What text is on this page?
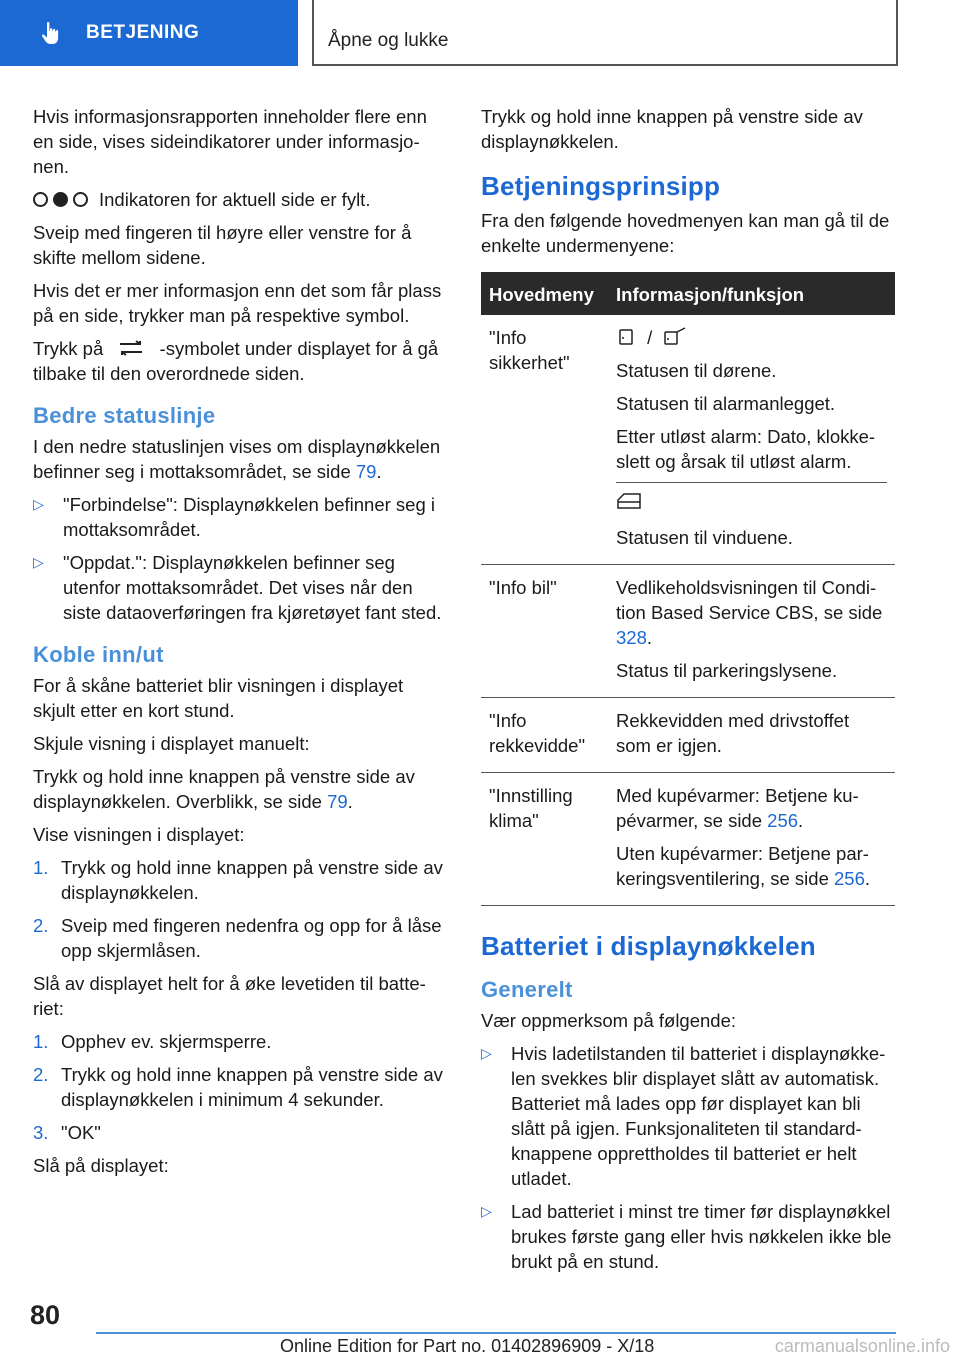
BETJENING	Åpne og lukke

Hvis informasjonsrapporten inneholder flere enn en side, vises sideindikatorer under informasjonen.

Indikatoren for aktuell side er fylt.

Sveip med fingeren til høyre eller venstre for å skifte mellom sidene.

Hvis det er mer informasjon enn det som får plass på en side, trykker man på respektive symbol.

Trykk på	-symbolet under displayet for å gå tilbake til den overordnede siden.

Bedre statuslinje

I den nedre statuslinjen vises om displaynøkkelen befinner seg i mottaksområdet, se side 79.

▷	"Forbindelse": Displaynøkkelen befinner seg i mottaksområdet.
▷	"Oppdat.": Displaynøkkelen befinner seg utenfor mottaksområdet. Det vises når den siste dataoverføringen fra kjøretøyet fant sted.
Koble inn/ut

For å skåne batteriet blir visningen i displayet skjult etter en kort stund.

Skjule visning i displayet manuelt:

Trykk og hold inne knappen på venstre side av displaynøkkelen. Overblikk, se side 79.

Vise visningen i displayet:

1. Trykk og hold inne knappen på venstre side av displaynøkkelen.
2. Sveip med fingeren nedenfra og opp for å låse opp skjermlåsen.

Slå av displayet helt for å øke levetiden til batteriet:

1. Opphev ev. skjermsperre.
2. Trykk og hold inne knappen på venstre side av displaynøkkelen i minimum 4 sekunder.
3. "OK"

Slå på displayet:

Trykk og hold inne knappen på venstre side av displaynøkkelen.

Betjeningsprinsipp

Fra den følgende hovedmenyen kan man gå til de enkelte undermenyene:

Hovedmeny	Informasjon/funksjon
"Info sikkerhet"	/

Statusen til dørene.

Statusen til alarmanlegget.

Etter utløst alarm: Dato, klokkeslett og årsak til utløst alarm.

Statusen til vinduene.

"Info bil"	Vedlikeholdsvisningen til Condition Based Service CBS, se side 328.

Status til parkeringslysene.

"Info rekkevidde"	Rekkevidden med drivstoffet som er igjen.

"Innstilling klima"	Med kupévarmer: Betjene kupévarmer, se side 256.

Uten kupévarmer: Betjene parkeringsventilering, se side 256.

Batteriet i displaynøkkelen
Generelt

Vær oppmerksom på følgende:

▷	Hvis ladetilstanden til batteriet i displaynøkkelen svekkes blir displayet slått av automatisk. Batteriet må lades opp før displayet kan bli slått på igjen. Funksjonaliteten til standardknappene opprettholdes til batteriet er helt utladet.
▷	Lad batteriet i minst tre timer før displaynøkkel brukes første gang eller hvis nøkkelen ikke ble brukt på en stund.
80
Online Edition for Part no. 01402896909 - X/18	carmanualsonline.info
